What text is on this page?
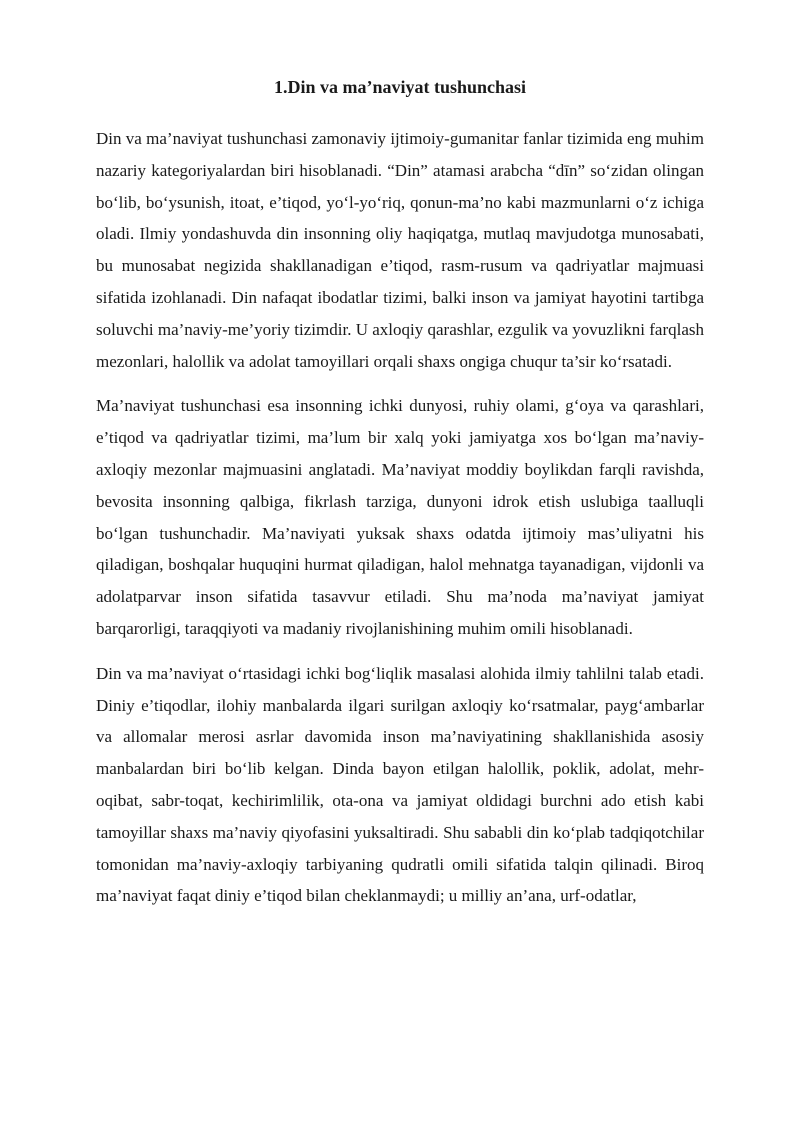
1.Din va ma’naviyat tushunchasi

Din va ma’naviyat tushunchasi zamonaviy ijtimoiy-gumanitar fanlar tizimida eng muhim nazariy kategoriyalardan biri hisoblanadi. “Din” atamasi arabcha “dīn” so‘zidan olingan bo‘lib, bo‘ysunish, itoat, e’tiqod, yo‘l-yo‘riq, qonun-ma’no kabi mazmunlarni o‘z ichiga oladi. Ilmiy yondashuvda din insonning oliy haqiqatga, mutlaq mavjudotga munosabati, bu munosabat negizida shakllanadigan e’tiqod, rasm-rusum va qadriyatlar majmuasi sifatida izohlanadi. Din nafaqat ibodatlar tizimi, balki inson va jamiyat hayotini tartibga soluvchi ma’naviy-me’yoriy tizimdir. U axloqiy qarashlar, ezgulik va yovuzlikni farqlash mezonlari, halollik va adolat tamoyillari orqali shaxs ongiga chuqur ta’sir ko‘rsatadi.

Ma’naviyat tushunchasi esa insonning ichki dunyosi, ruhiy olami, g‘oya va qarashlari, e’tiqod va qadriyatlar tizimi, ma’lum bir xalq yoki jamiyatga xos bo‘lgan ma’naviy-axloqiy mezonlar majmuasini anglatadi. Ma’naviyat moddiy boylikdan farqli ravishda, bevosita insonning qalbiga, fikrlash tarziga, dunyoni idrok etish uslubiga taalluqli bo‘lgan tushunchadir. Ma’naviyati yuksak shaxs odatda ijtimoiy mas’uliyatni his qiladigan, boshqalar huquqini hurmat qiladigan, halol mehnatga tayanadigan, vijdonli va adolatparvar inson sifatida tasavvur etiladi. Shu ma’noda ma’naviyat jamiyat barqarorligi, taraqqiyoti va madaniy rivojlanishining muhim omili hisoblanadi.

Din va ma’naviyat o‘rtasidagi ichki bog‘liqlik masalasi alohida ilmiy tahlilni talab etadi. Diniy e’tiqodlar, ilohiy manbalarda ilgari surilgan axloqiy ko‘rsatmalar, payg‘ambarlar va allomalar merosi asrlar davomida inson ma’naviyatining shakllanishida asosiy manbalardan biri bo‘lib kelgan. Dinda bayon etilgan halollik, poklik, adolat, mehr-oqibat, sabr-toqat, kechirimlilik, ota-ona va jamiyat oldidagi burchni ado etish kabi tamoyillar shaxs ma’naviy qiyofasini yuksaltiradi. Shu sababli din ko‘plab tadqiqotchilar tomonidan ma’naviy-axloqiy tarbiyaning qudratli omili sifatida talqin qilinadi. Biroq ma’naviyat faqat diniy e’tiqod bilan cheklanmaydi; u milliy an’ana, urf-odatlar,
